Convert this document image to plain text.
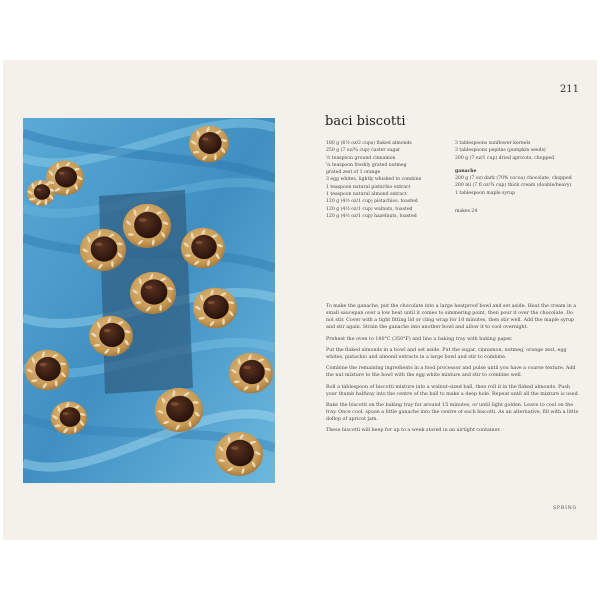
211
baci biscotti
180 g (6½ oz/2 cups) flaked almonds
250 g (7 oz/¾ cup) caster sugar
½ teaspoon ground cinnamon
¼ teaspoon freshly grated nutmeg
grated zest of 1 orange
3 egg whites, lightly whisked to combine
1 teaspoon natural pistachio extract
1 teaspoon natural almond extract
120 g (4½ oz/1 cup) pistachios, toasted
120 g (4½ oz/1 cup) walnuts, toasted
120 g (4½ oz/1 cup) hazelnuts, toasted
3 tablespoons sunflower kernels
3 tablespoons pepitas (pumpkin seeds)
200 g (7 oz/1 cup) dried apricots, chopped
ganache
200 g (7 oz) dark (70% cocoa) chocolate, chopped
200 ml (7 fl oz/¾ cup) thick cream (double/heavy)
1 tablespoon maple syrup
makes 24

To make the ganache, put the chocolate into a large heatproof bowl and set aside. Heat the cream in a small saucepan over a low heat until it comes to simmering point, then pour it over the chocolate. Do not stir. Cover with a tight fitting lid or cling wrap for 10 minutes, then stir well. Add the maple syrup and stir again. Strain the ganache into another bowl and allow it to cool overnight.

Preheat the oven to 180°C (350°F) and line a baking tray with baking paper.

Put the flaked almonds in a bowl and set aside. Put the sugar, cinnamon, nutmeg, orange zest, egg whites, pistachio and almond extracts in a large bowl and stir to combine.

Combine the remaining ingredients in a food processor and pulse until you have a coarse texture. Add the nut mixture to the bowl with the egg white mixture and stir to combine well.

Roll a tablespoon of biscotti mixture into a walnut-sized ball, then roll it in the flaked almonds. Push your thumb halfway into the centre of the ball to make a deep hole. Repeat until all the mixture is used.

Bake the biscotti on the baking tray for around 15 minutes, or until light golden. Leave to cool on the tray. Once cool, spoon a little ganache into the centre of each biscotti. As an alternative, fill with a little dollop of apricot jam.

These biscotti will keep for up to a week stored in an airtight container.

SPRING
